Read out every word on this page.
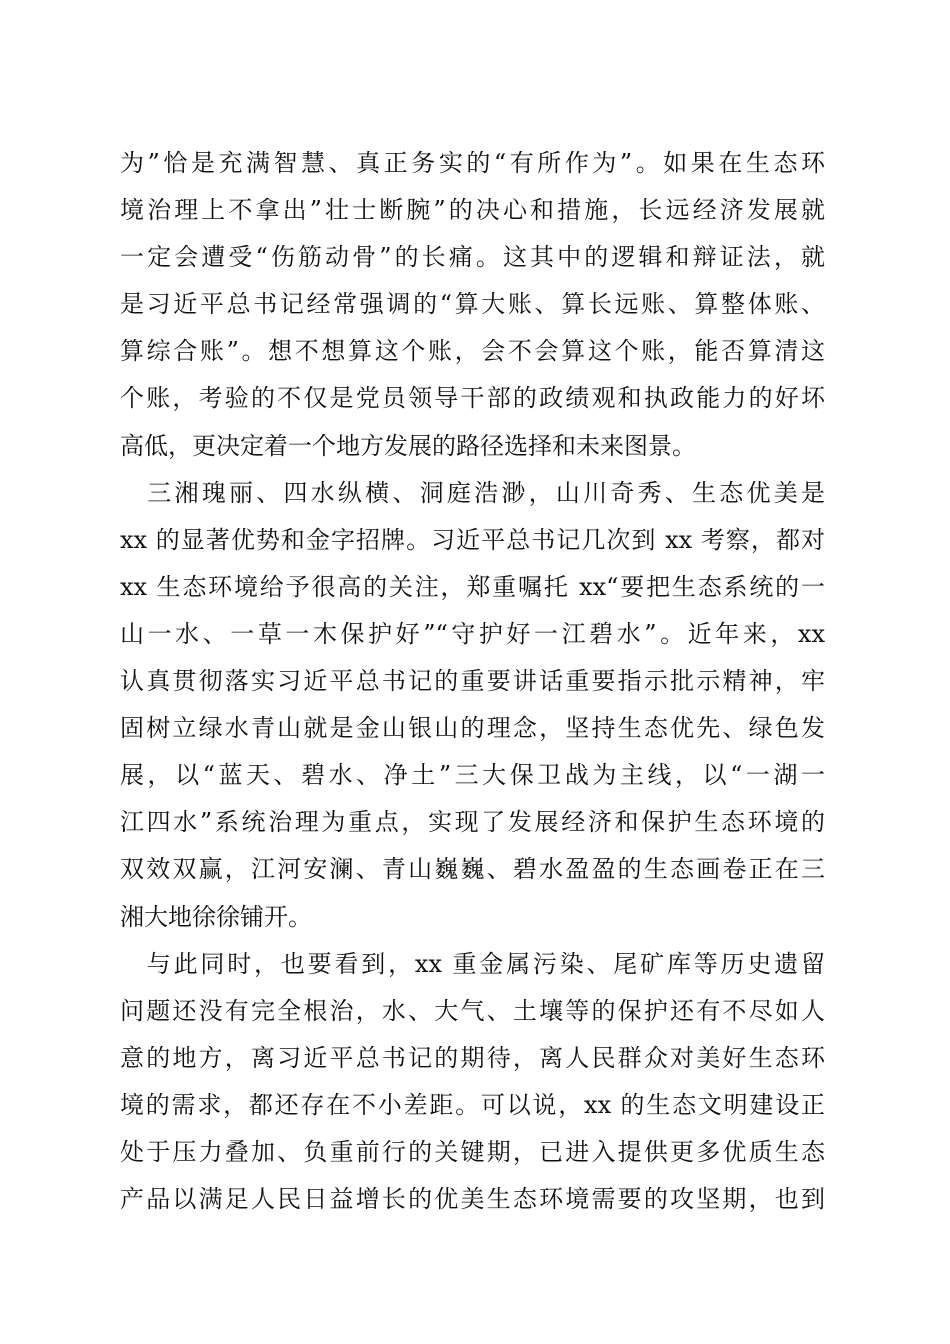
为”恰是充满智慧、真正务实的“有所作为”。如果在生态环
境治理上不拿出”壮士断腕”的决心和措施，长远经济发展就
一定会遭受“伤筋动骨”的长痛。这其中的逻辑和辩证法，就
是习近平总书记经常强调的“算大账、算长远账、算整体账、
算综合账”。想不想算这个账，会不会算这个账，能否算清这
个账，考验的不仅是党员领导干部的政绩观和执政能力的好坏
高低，更决定着一个地方发展的路径选择和未来图景。
　三湘瑰丽、四水纵横、洞庭浩渺，山川奇秀、生态优美是
xx 的显著优势和金字招牌。习近平总书记几次到 xx 考察，都对
xx 生态环境给予很高的关注，郑重嘱托 xx“要把生态系统的一
山一水、一草一木保护好”“守护好一江碧水”。近年来，xx
认真贯彻落实习近平总书记的重要讲话重要指示批示精神，牢
固树立绿水青山就是金山银山的理念，坚持生态优先、绿色发
展，以“蓝天、碧水、净土”三大保卫战为主线，以“一湖一
江四水”系统治理为重点，实现了发展经济和保护生态环境的
双效双赢，江河安澜、青山巍巍、碧水盈盈的生态画卷正在三
湘大地徐徐铺开。
　与此同时，也要看到，xx 重金属污染、尾矿库等历史遗留
问题还没有完全根治，水、大气、土壤等的保护还有不尽如人
意的地方，离习近平总书记的期待，离人民群众对美好生态环
境的需求，都还存在不小差距。可以说，xx 的生态文明建设正
处于压力叠加、负重前行的关键期，已进入提供更多优质生态
产品以满足人民日益增长的优美生态环境需要的攻坚期，也到
